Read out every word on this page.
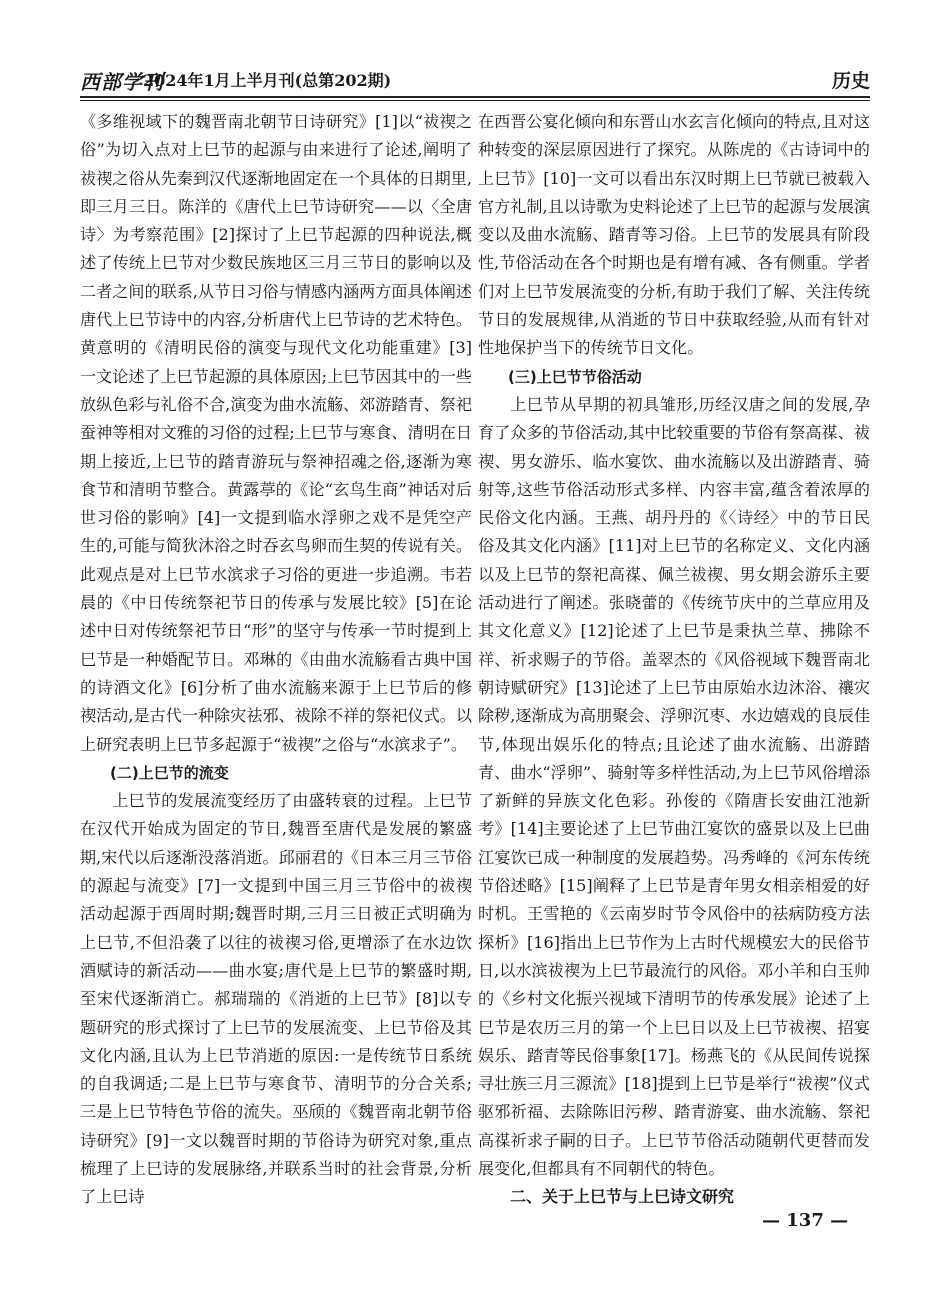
西部学刊
2024年1月上半月刊(总第202期)	历史

《多维视域下的魏晋南北朝节日诗研究》[1]以“祓禊之俗”为切入点对上巳节的起源与由来进行了论述,阐明了祓禊之俗从先秦到汉代逐渐地固定在一个具体的日期里,即三月三日。陈洋的《唐代上巳节诗研究——以〈全唐诗〉为考察范围》[2]探讨了上巳节起源的四种说法,概述了传统上巳节对少数民族地区三月三节日的影响以及二者之间的联系,从节日习俗与情感内涵两方面具体阐述唐代上巳节诗中的内容,分析唐代上巳节诗的艺术特色。黄意明的《清明民俗的演变与现代文化功能重建》[3]一文论述了上巳节起源的具体原因;上巳节因其中的一些放纵色彩与礼俗不合,演变为曲水流觞、郊游踏青、祭祀蚕神等相对文雅的习俗的过程;上巳节与寒食、清明在日期上接近,上巳节的踏青游玩与祭神招魂之俗,逐渐为寒食节和清明节整合。黄露葶的《论“玄鸟生商”神话对后世习俗的影响》[4]一文提到临水浮卵之戏不是凭空产生的,可能与简狄沐浴之时吞玄鸟卵而生契的传说有关。此观点是对上巳节水滨求子习俗的更进一步追溯。韦若晨的《中日传统祭祀节日的传承与发展比较》[5]在论述中日对传统祭祀节日“形”的坚守与传承一节时提到上巳节是一种婚配节日。邓琳的《由曲水流觞看古典中国的诗酒文化》[6]分析了曲水流觞来源于上巳节后的修禊活动,是古代一种除灾祛邪、祓除不祥的祭祀仪式。以上研究表明上巳节多起源于“祓禊”之俗与“水滨求子”。

(二)上巳节的流变

上巳节的发展流变经历了由盛转衰的过程。上巳节在汉代开始成为固定的节日,魏晋至唐代是发展的繁盛期,宋代以后逐渐没落消逝。邱丽君的《日本三月三节俗的源起与流变》[7]一文提到中国三月三节俗中的祓禊活动起源于西周时期;魏晋时期,三月三日被正式明确为上巳节,不但沿袭了以往的祓禊习俗,更增添了在水边饮酒赋诗的新活动——曲水宴;唐代是上巳节的繁盛时期,至宋代逐渐消亡。郝瑞瑞的《消逝的上巳节》[8]以专题研究的形式探讨了上巳节的发展流变、上巳节俗及其文化内涵,且认为上巳节消逝的原因:一是传统节日系统的自我调适;二是上巳节与寒食节、清明节的分合关系;三是上巳节特色节俗的流失。巫颀的《魏晋南北朝节俗诗研究》[9]一文以魏晋时期的节俗诗为研究对象,重点梳理了上巳诗的发展脉络,并联系当时的社会背景,分析了上巳诗

在西晋公宴化倾向和东晋山水玄言化倾向的特点,且对这种转变的深层原因进行了探究。从陈虎的《古诗词中的上巳节》[10]一文可以看出东汉时期上巳节就已被载入官方礼制,且以诗歌为史料论述了上巳节的起源与发展演变以及曲水流觞、踏青等习俗。上巳节的发展具有阶段性,节俗活动在各个时期也是有增有减、各有侧重。学者们对上巳节发展流变的分析,有助于我们了解、关注传统节日的发展规律,从消逝的节日中获取经验,从而有针对性地保护当下的传统节日文化。

(三)上巳节节俗活动

上巳节从早期的初具雏形,历经汉唐之间的发展,孕育了众多的节俗活动,其中比较重要的节俗有祭高禖、祓禊、男女游乐、临水宴饮、曲水流觞以及出游踏青、骑射等,这些节俗活动形式多样、内容丰富,蕴含着浓厚的民俗文化内涵。王燕、胡丹丹的《〈诗经〉中的节日民俗及其文化内涵》[11]对上巳节的名称定义、文化内涵以及上巳节的祭祀高禖、佩兰祓禊、男女期会游乐主要活动进行了阐述。张晓蕾的《传统节庆中的兰草应用及其文化意义》[12]论述了上巳节是秉执兰草、拂除不祥、祈求赐子的节俗。盖翠杰的《风俗视域下魏晋南北朝诗赋研究》[13]论述了上巳节由原始水边沐浴、禳灾除秽,逐渐成为高朋聚会、浮卵沉枣、水边嬉戏的良辰佳节,体现出娱乐化的特点;且论述了曲水流觞、出游踏青、曲水“浮卵”、骑射等多样性活动,为上巳节风俗增添了新鲜的异族文化色彩。孙俊的《隋唐长安曲江池新考》[14]主要论述了上巳节曲江宴饮的盛景以及上巳曲江宴饮已成一种制度的发展趋势。冯秀峰的《河东传统节俗述略》[15]阐释了上巳节是青年男女相亲相爱的好时机。王雪艳的《云南岁时节令风俗中的祛病防疫方法探析》[16]指出上巳节作为上古时代规模宏大的民俗节日,以水滨祓禊为上巳节最流行的风俗。邓小羊和白玉帅的《乡村文化振兴视域下清明节的传承发展》论述了上巳节是农历三月的第一个上巳日以及上巳节祓禊、招宴娱乐、踏青等民俗事象[17]。杨燕飞的《从民间传说探寻壮族三月三源流》[18]提到上巳节是举行“祓禊”仪式驱邪祈福、去除陈旧污秽、踏青游宴、曲水流觞、祭祀高禖祈求子嗣的日子。上巳节节俗活动随朝代更替而发展变化,但都具有不同朝代的特色。

二、关于上巳节与上巳诗文研究

— 137 —
